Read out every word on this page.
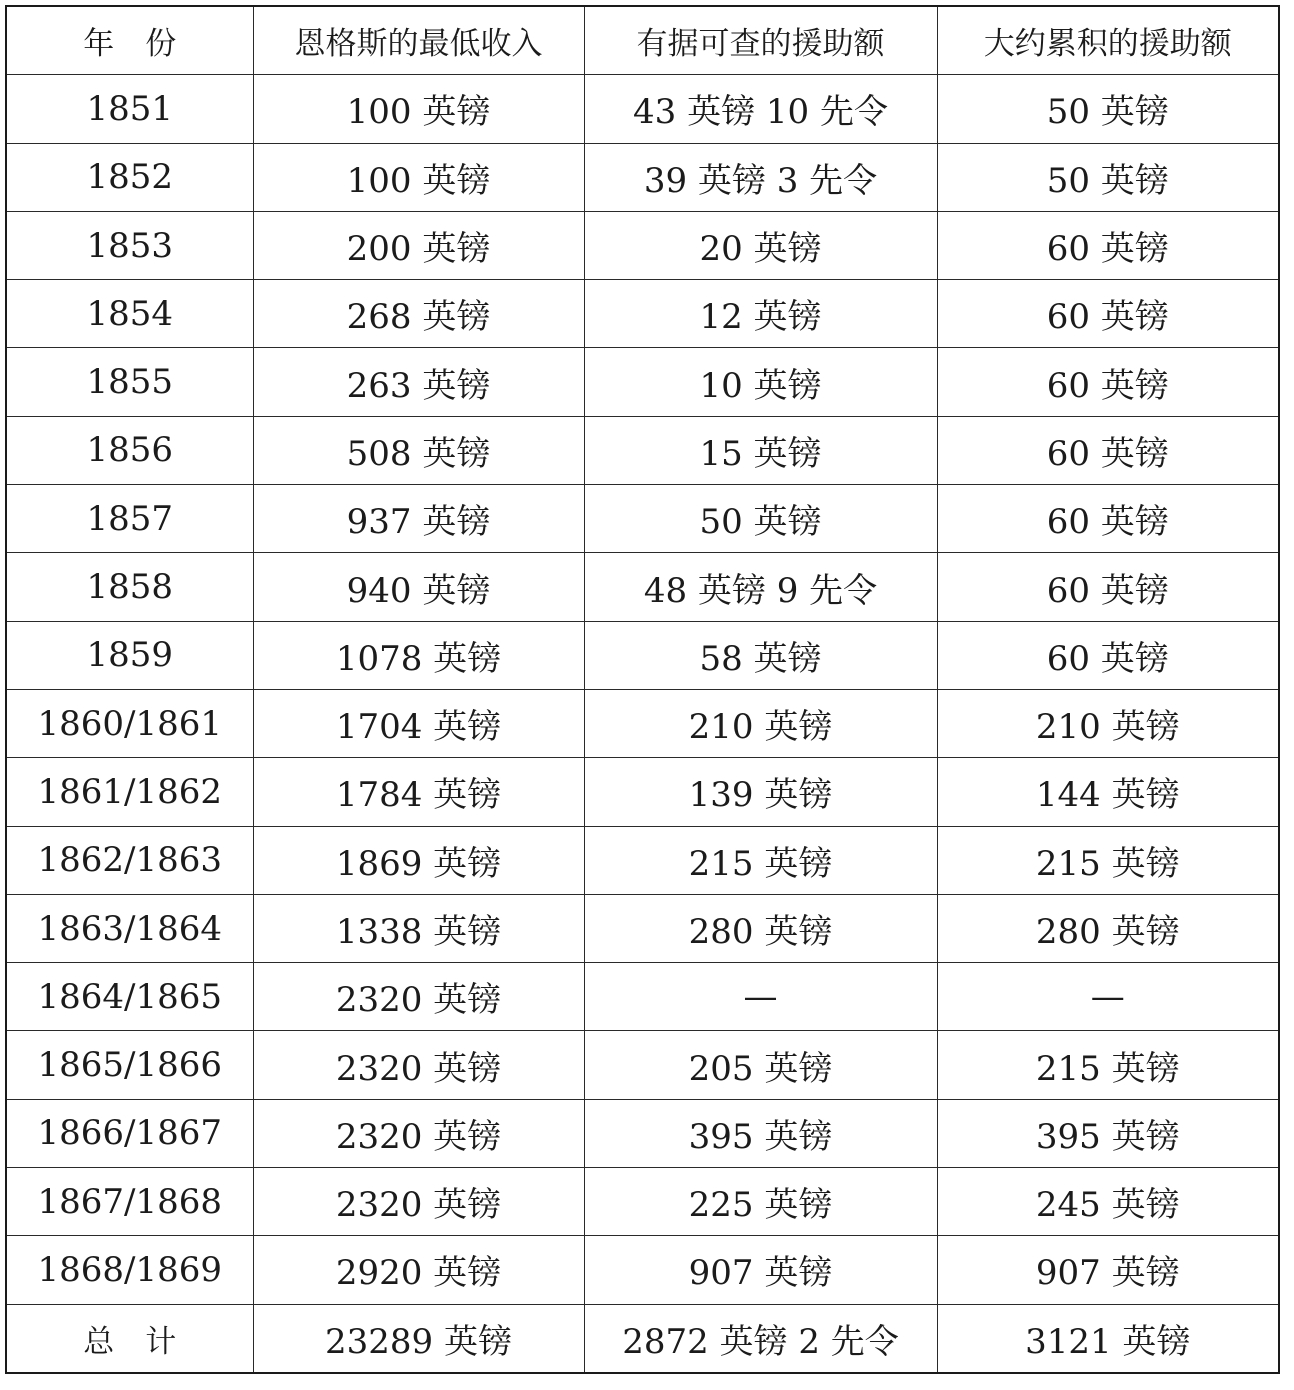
年　份	恩格斯的最低收入	有据可查的援助额	大约累积的援助额
1851	100 英镑	43 英镑 10 先令	50 英镑
1852	100 英镑	39 英镑 3 先令	50 英镑
1853	200 英镑	20 英镑	60 英镑
1854	268 英镑	12 英镑	60 英镑
1855	263 英镑	10 英镑	60 英镑
1856	508 英镑	15 英镑	60 英镑
1857	937 英镑	50 英镑	60 英镑
1858	940 英镑	48 英镑 9 先令	60 英镑
1859	1078 英镑	58 英镑	60 英镑
1860/1861	1704 英镑	210 英镑	210 英镑
1861/1862	1784 英镑	139 英镑	144 英镑
1862/1863	1869 英镑	215 英镑	215 英镑
1863/1864	1338 英镑	280 英镑	280 英镑
1864/1865	2320 英镑	—	—
1865/1866	2320 英镑	205 英镑	215 英镑
1866/1867	2320 英镑	395 英镑	395 英镑
1867/1868	2320 英镑	225 英镑	245 英镑
1868/1869	2920 英镑	907 英镑	907 英镑
总　计	23289 英镑	2872 英镑 2 先令	3121 英镑
